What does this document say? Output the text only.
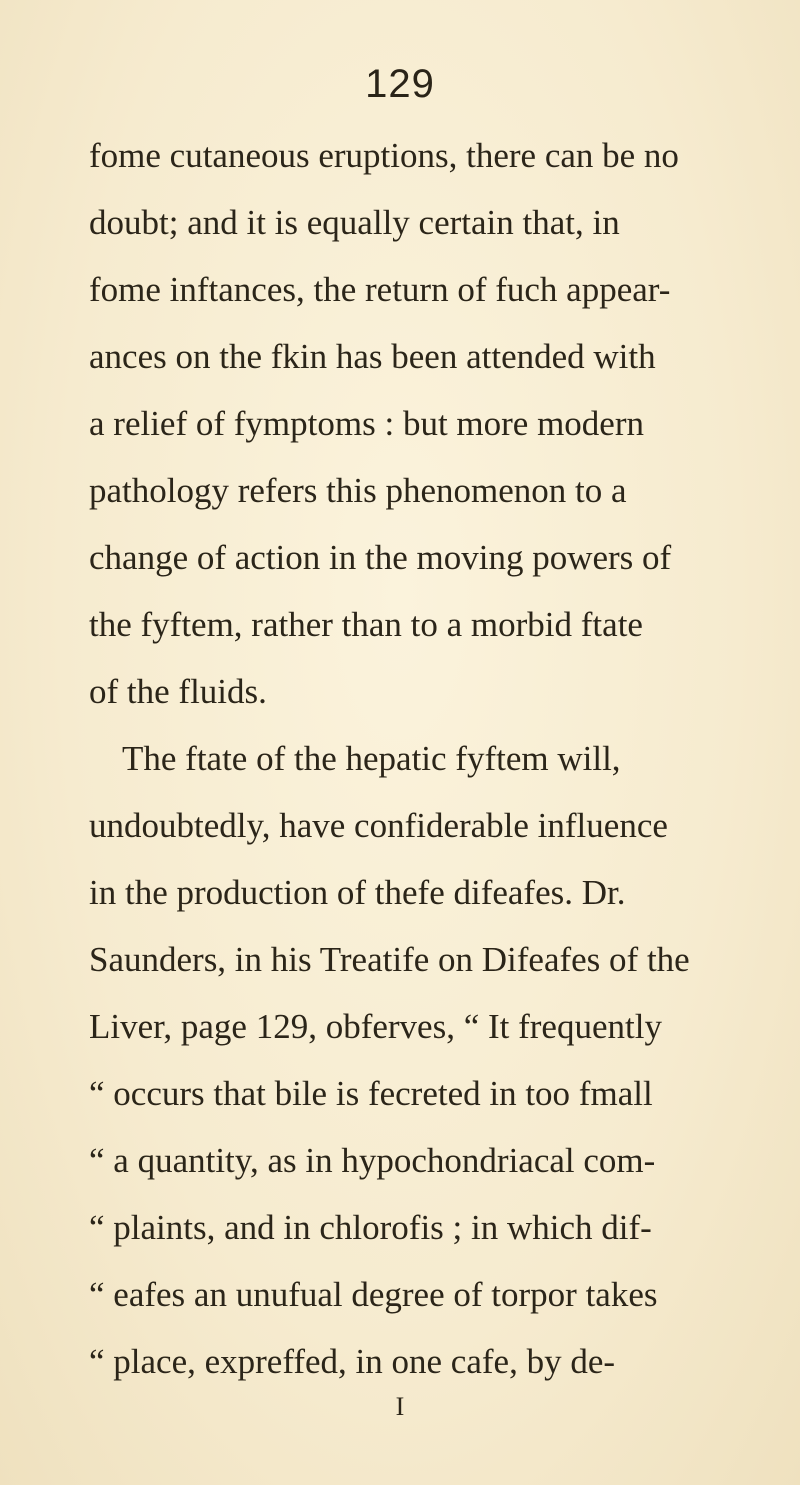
129
fome cutaneous eruptions, there can be no
doubt; and it is equally certain that, in
fome inftances, the return of fuch appear-
ances on the fkin has been attended with
a relief of fymptoms : but more modern
pathology refers this phenomenon to a
change of action in the moving powers of
the fyftem, rather than to a morbid ftate
of the fluids.
The ftate of the hepatic fyftem will,
undoubtedly, have confiderable influence
in the production of thefe difeafes. Dr.
Saunders, in his Treatife on Difeafes of the
Liver, page 129, obferves, “ It frequently
“ occurs that bile is fecreted in too fmall
“ a quantity, as in hypochondriacal com-
“ plaints, and in chlorofis ; in which dif-
“ eafes an unufual degree of torpor takes
“ place, expreffed, in one cafe, by de-
I
